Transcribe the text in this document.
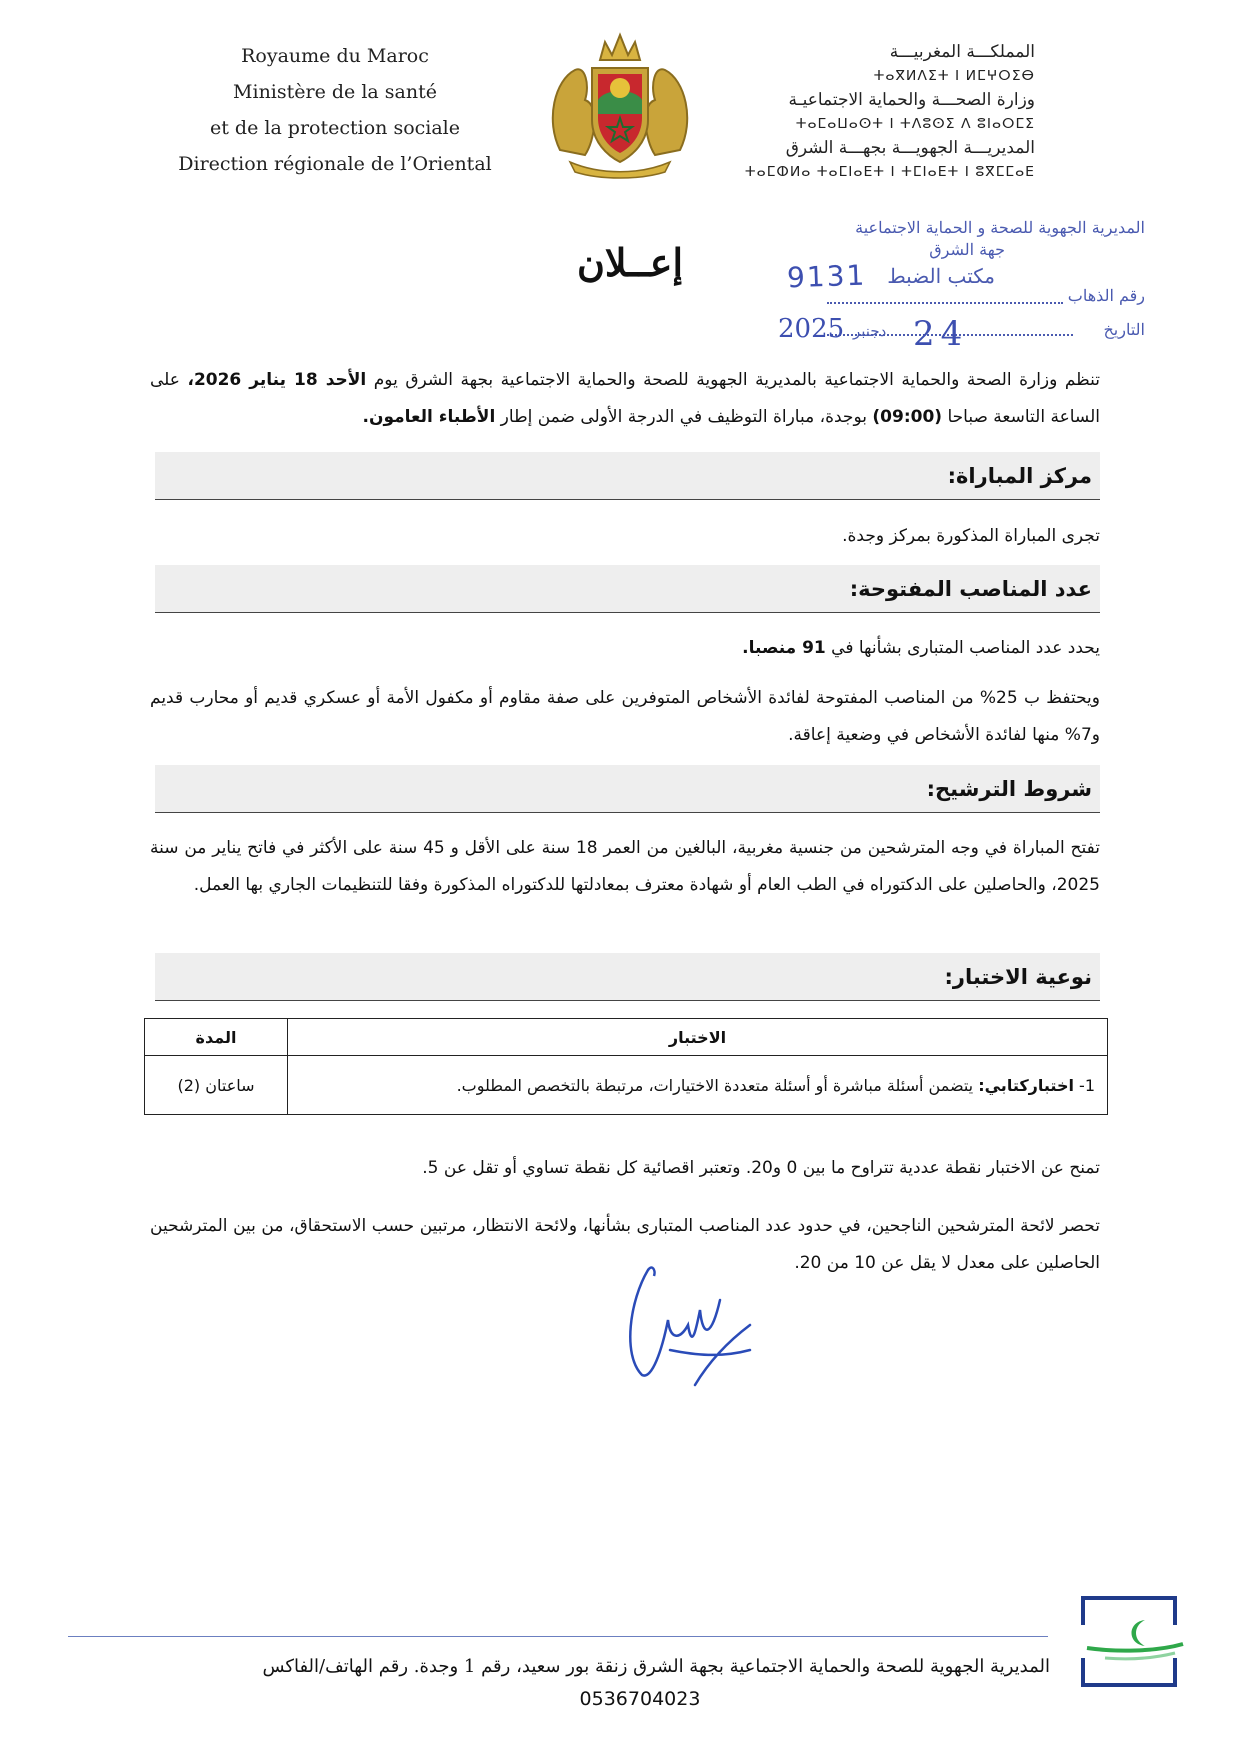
Royaume du Maroc
Ministère de la santé
et de la protection sociale
Direction régionale de l’Oriental
المملكـــة المغربيـــة
ⵜⴰⴳⵍⴷⵉⵜ ⵏ ⵍⵎⵖⵔⵉⴱ
وزارة الصحـــة والحماية الاجتماعيـة
ⵜⴰⵎⴰⵡⴰⵙⵜ ⵏ ⵜⴷⵓⵙⵉ ⴷ ⵓⵏⴰⵔⵎⵉ
المديريـــة الجهويـــة بجهـــة الشرق
ⵜⴰⵎⵀⵍⴰ ⵜⴰⵎⵏⴰⴹⵜ ⵏ ⵜⵎⵏⴰⴹⵜ ⵏ ⵓⴳⵎⵎⴰⴹ
المديرية الجهوية للصحة و الحماية الاجتماعية
جهة الشرق
مكتب الضبط
رقم الذهاب
9131
التاريخ
2025 دجنبر 24
إعــلان
تنظم وزارة الصحة والحماية الاجتماعية بالمديرية الجهوية للصحة والحماية الاجتماعية بجهة الشرق يوم الأحد 18 يناير 2026، على الساعة التاسعة صباحا (09:00) بوجدة، مباراة التوظيف في الدرجة الأولى ضمن إطار الأطباء العامون.
مركز المباراة:
تجرى المباراة المذكورة بمركز وجدة.
عدد المناصب المفتوحة:
يحدد عدد المناصب المتبارى بشأنها في 91 منصبا.
ويحتفظ ب 25% من المناصب المفتوحة لفائدة الأشخاص المتوفرين على صفة مقاوم أو مكفول الأمة أو عسكري قديم أو محارب قديم و7% منها لفائدة الأشخاص في وضعية إعاقة.
شروط الترشيح:
تفتح المباراة في وجه المترشحين من جنسية مغربية، البالغين من العمر 18 سنة على الأقل و 45 سنة على الأكثر في فاتح يناير من سنة 2025، والحاصلين على الدكتوراه في الطب العام أو شهادة معترف بمعادلتها للدكتوراه المذكورة وفقا للتنظيمات الجاري بها العمل.
نوعية الاختبار:
الاختبار	المدة
1- اختباركتابي: يتضمن أسئلة مباشرة أو أسئلة متعددة الاختيارات، مرتبطة بالتخصص المطلوب.	ساعتان (2)
تمنح عن الاختبار نقطة عددية تتراوح ما بين 0 و20. وتعتبر اقصائية كل نقطة تساوي أو تقل عن 5.
تحصر لائحة المترشحين الناجحين، في حدود عدد المناصب المتبارى بشأنها، ولائحة الانتظار، مرتبين حسب الاستحقاق، من بين المترشحين الحاصلين على معدل لا يقل عن 10 من 20.
المديرية الجهوية للصحة والحماية الاجتماعية بجهة الشرق زنقة بور سعيد، رقم 1 وجدة. رقم الهاتف/الفاكس
0536704023
